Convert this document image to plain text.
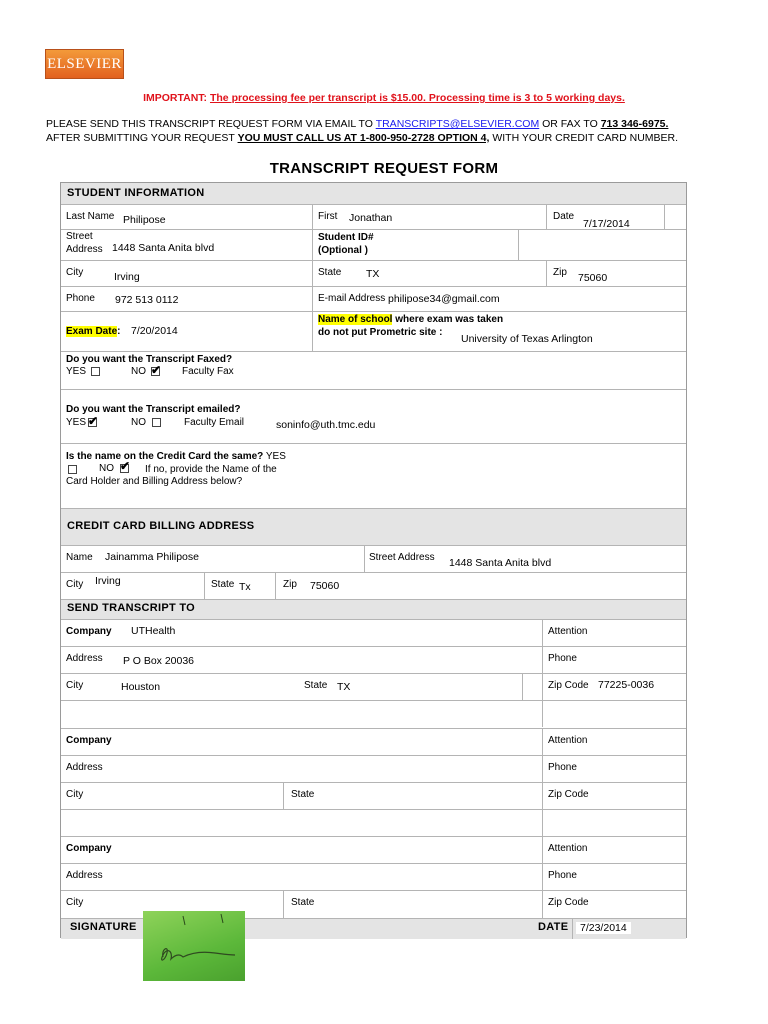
ELSEVIER
IMPORTANT: The processing fee per transcript is $15.00. Processing time is 3 to 5 working days.
PLEASE SEND THIS TRANSCRIPT REQUEST FORM VIA EMAIL TO TRANSCRIPTS@ELSEVIER.COM OR FAX TO 713 346-6975.
AFTER SUBMITTING YOUR REQUEST YOU MUST CALL US AT 1-800-950-2728 OPTION 4, WITH YOUR CREDIT CARD NUMBER.
TRANSCRIPT REQUEST FORM
STUDENT INFORMATION
Last Name Philipose	First Jonathan	Date
7/17/2014
Street
Address 1448 Santa Anita blvd
Student ID#
(Optional )
City	Irving	State TX	Zip 75060
Phone 972 513 0112	E-mail Address philipose34@gmail.com
Exam Date: 7/20/2014
Name of school where exam was taken
do not put Prometric site :
University of Texas Arlington
Do you want the Transcript Faxed?
YES	NO ✔ Faculty Fax
Do you want the Transcript emailed?
YES ✔	NO	Faculty Email	soninfo@uth.tmc.edu
Is the name on the Credit Card the same? YES
NO ✔ If no, provide the Name of the
Card Holder and Billing Address below?
CREDIT CARD BILLING ADDRESS
Name Jainamma Philipose	Street Address 1448 Santa Anita blvd
City Irving	State Tx	Zip 75060
SEND TRANSCRIPT TO
Company UTHealth	Attention
Address P O Box 20036	Phone
City	Houston	State TX	Zip Code 77225-0036
Company	Attention
Address	Phone
City	State	Zip Code
Company	Attention
Address	Phone
City	State	Zip Code
SIGNATURE	DATE	7/23/2014
